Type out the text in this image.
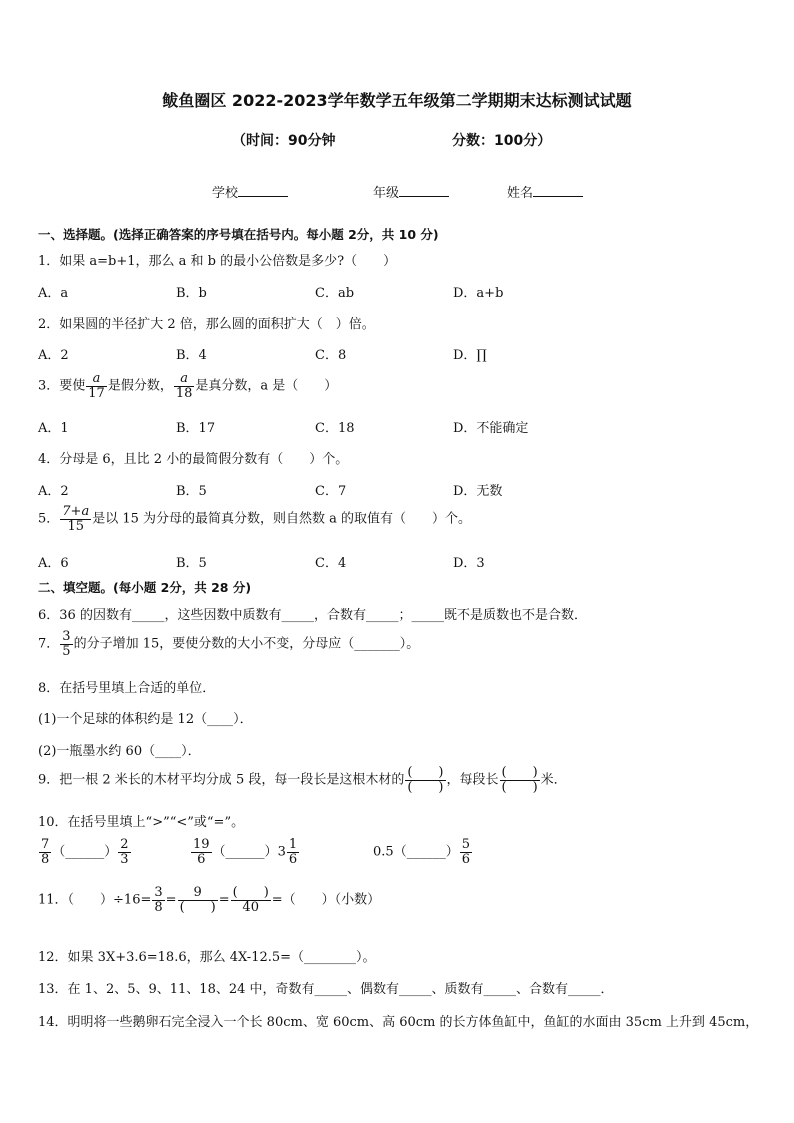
鲅鱼圈区 2022-2023学年数学五年级第二学期期末达标测试试题
（时间：90分钟	分数：100分）
学校	年级	姓名
一、选择题。(选择正确答案的序号填在括号内。每小题 2分，共 10 分)
1．如果 a=b+1，那么 a 和 b 的最小公倍数是多少?（　　）
A．a	B．b	C．ab	D．a+b
2．如果圆的半径扩大 2 倍，那么圆的面积扩大（　）倍。
A．2	B．4	C．8	D．∏
3．要使 $\frac{a}{17}$ 是假分数， $\frac{a}{18}$ 是真分数，a 是（　　）
A．1	B．17	C．18	D．不能确定
4．分母是 6，且比 2 小的最简假分数有（　　）个。
A．2	B．5	C．7	D．无数
5． $\frac{7+a}{15}$ 是以 15 为分母的最简真分数，则自然数 a 的取值有（　　）个。
A．6	B．5	C．4	D．3
二、填空题。(每小题 2分，共 28 分)
6．36 的因数有_____，这些因数中质数有_____，合数有_____；_____既不是质数也不是合数．
7． $\frac{3}{5}$ 的分子增加 15，要使分数的大小不变，分母应（_______）。
8．在括号里填上合适的单位．
(1)一个足球的体积约是 12（____）．
(2)一瓶墨水约 60（____）．
9．把一根 2 米长的木材平均分成 5 段，每一段长是这根木材的 $\frac{( )}{( )}$ ，每段长 $\frac{( )}{( )}$ 米．
10．在括号里填上“>”“<”或“=”。
$\frac{7}{8}$ （______） $\frac{2}{3}$	$\frac{19}{6}$ （______）3 $\frac{1}{6}$	0.5（______） $\frac{5}{6}$
11．（　　）$\div 16= \frac{3}{8} = \frac{9}{( )} = \frac{( )}{40}$ =（　　）（小数）
12．如果 3X+3.6=18.6，那么 4X-12.5=（________）。
13．在 1、2、5、9、11、18、24 中，奇数有_____、偶数有_____、质数有_____、合数有_____．
14．明明将一些鹅卵石完全浸入一个长 80cm、宽 60cm、高 60cm 的长方体鱼缸中，鱼缸的水面由 35cm 上升到 45cm，
